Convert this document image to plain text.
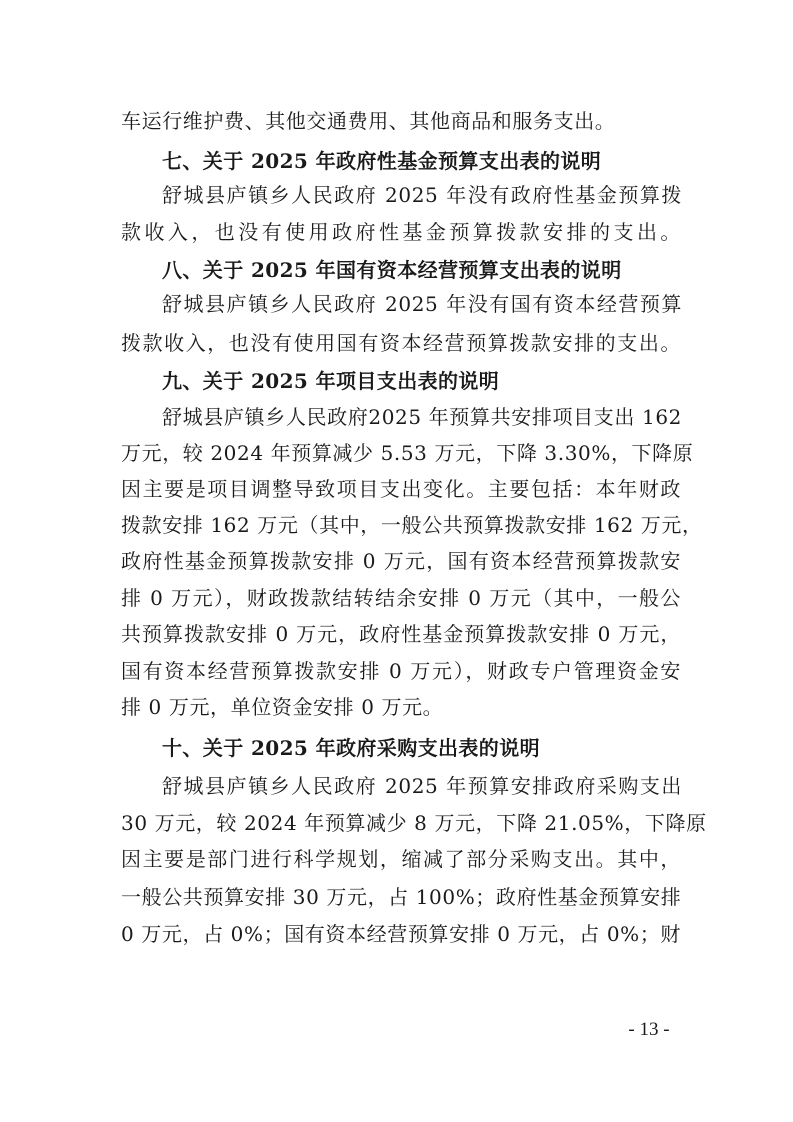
车运行维护费、其他交通费用、其他商品和服务支出。
七、关于 2025 年政府性基金预算支出表的说明
舒城县庐镇乡人民政府 2025 年没有政府性基金预算拨
款收入，也没有使用政府性基金预算拨款安排的支出。
八、关于 2025 年国有资本经营预算支出表的说明
舒城县庐镇乡人民政府 2025 年没有国有资本经营预算
拨款收入，也没有使用国有资本经营预算拨款安排的支出。
九、关于 2025 年项目支出表的说明
舒城县庐镇乡人民政府2025 年预算共安排项目支出 162
万元，较 2024 年预算减少 5.53 万元，下降 3.30%，下降原
因主要是项目调整导致项目支出变化。主要包括：本年财政
拨款安排 162 万元（其中，一般公共预算拨款安排 162 万元，
政府性基金预算拨款安排 0 万元，国有资本经营预算拨款安
排 0 万元），财政拨款结转结余安排 0 万元（其中，一般公
共预算拨款安排 0 万元，政府性基金预算拨款安排 0 万元，
国有资本经营预算拨款安排 0 万元），财政专户管理资金安
排 0 万元，单位资金安排 0 万元。
十、关于 2025 年政府采购支出表的说明
舒城县庐镇乡人民政府 2025 年预算安排政府采购支出
30 万元，较 2024 年预算减少 8 万元，下降 21.05%，下降原
因主要是部门进行科学规划，缩减了部分采购支出。其中，
一般公共预算安排 30 万元，占 100%；政府性基金预算安排
0 万元，占 0%；国有资本经营预算安排 0 万元，占 0%；财
- 13 -
